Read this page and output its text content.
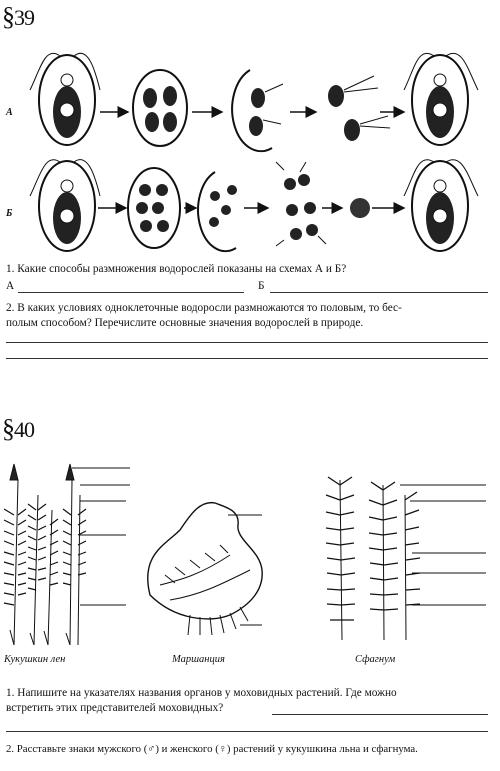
§39
А
Б
1. Какие способы размножения водорослей показаны на схемах А и Б?
А	Б
2. В каких условиях одноклеточные водоросли размножаются то половым, то бес-
полым способом? Перечислите основные значения водорослей в природе.
§40
Кукушкин лен	Маршанция	Сфагнум
1. Напишите на указателях названия органов у моховидных растений. Где можно
встретить этих представителей моховидных?
2. Расставьте знаки мужского (♂) и женского (♀) растений у кукушкина льна и сфагнума.
